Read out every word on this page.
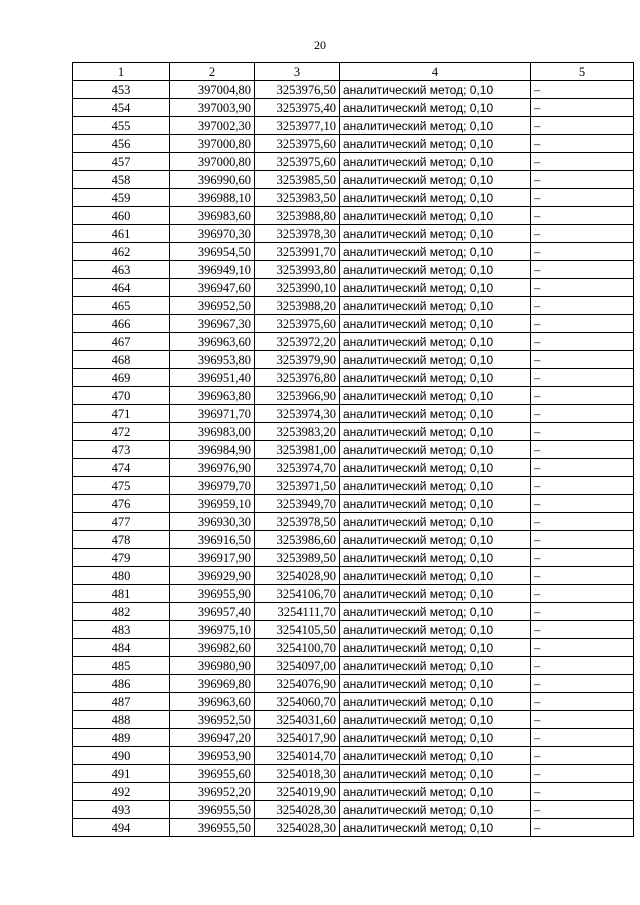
20
1	2	3	4	5
453	397004,80	3253976,50	аналитический метод; 0,10	–
454	397003,90	3253975,40	аналитический метод; 0,10	–
455	397002,30	3253977,10	аналитический метод; 0,10	–
456	397000,80	3253975,60	аналитический метод; 0,10	–
457	397000,80	3253975,60	аналитический метод; 0,10	–
458	396990,60	3253985,50	аналитический метод; 0,10	–
459	396988,10	3253983,50	аналитический метод; 0,10	–
460	396983,60	3253988,80	аналитический метод; 0,10	–
461	396970,30	3253978,30	аналитический метод; 0,10	–
462	396954,50	3253991,70	аналитический метод; 0,10	–
463	396949,10	3253993,80	аналитический метод; 0,10	–
464	396947,60	3253990,10	аналитический метод; 0,10	–
465	396952,50	3253988,20	аналитический метод; 0,10	–
466	396967,30	3253975,60	аналитический метод; 0,10	–
467	396963,60	3253972,20	аналитический метод; 0,10	–
468	396953,80	3253979,90	аналитический метод; 0,10	–
469	396951,40	3253976,80	аналитический метод; 0,10	–
470	396963,80	3253966,90	аналитический метод; 0,10	–
471	396971,70	3253974,30	аналитический метод; 0,10	–
472	396983,00	3253983,20	аналитический метод; 0,10	–
473	396984,90	3253981,00	аналитический метод; 0,10	–
474	396976,90	3253974,70	аналитический метод; 0,10	–
475	396979,70	3253971,50	аналитический метод; 0,10	–
476	396959,10	3253949,70	аналитический метод; 0,10	–
477	396930,30	3253978,50	аналитический метод; 0,10	–
478	396916,50	3253986,60	аналитический метод; 0,10	–
479	396917,90	3253989,50	аналитический метод; 0,10	–
480	396929,90	3254028,90	аналитический метод; 0,10	–
481	396955,90	3254106,70	аналитический метод; 0,10	–
482	396957,40	3254111,70	аналитический метод; 0,10	–
483	396975,10	3254105,50	аналитический метод; 0,10	–
484	396982,60	3254100,70	аналитический метод; 0,10	–
485	396980,90	3254097,00	аналитический метод; 0,10	–
486	396969,80	3254076,90	аналитический метод; 0,10	–
487	396963,60	3254060,70	аналитический метод; 0,10	–
488	396952,50	3254031,60	аналитический метод; 0,10	–
489	396947,20	3254017,90	аналитический метод; 0,10	–
490	396953,90	3254014,70	аналитический метод; 0,10	–
491	396955,60	3254018,30	аналитический метод; 0,10	–
492	396952,20	3254019,90	аналитический метод; 0,10	–
493	396955,50	3254028,30	аналитический метод; 0,10	–
494	396955,50	3254028,30	аналитический метод; 0,10	–
